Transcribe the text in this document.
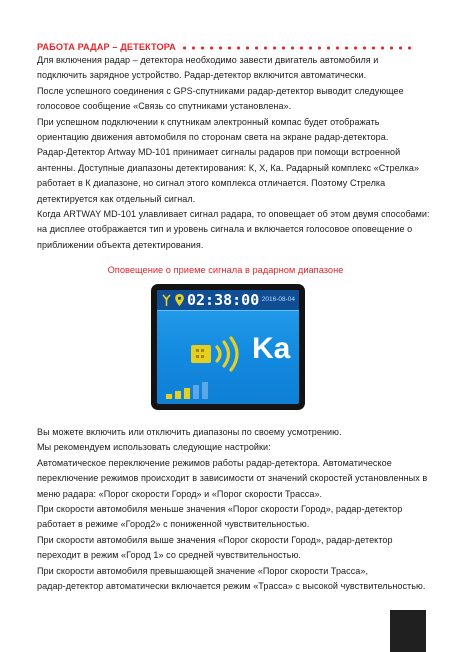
РАБОТА РАДАР – ДЕТЕКТОРА

Для включения радар – детектора необходимо завести двигатель автомобиля и
подключить зарядное устройство. Радар-детектор включится автоматически.
После успешного соединения с GPS-спутниками радар-детектор выводит следующее
голосовое сообщение «Связь со спутниками установлена».
При успешном подключении к спутникам электронный компас будет отображать
ориентацию движения автомобиля по сторонам света на экране радар-детектора.
Радар-Детектор Artway MD-101 принимает сигналы радаров при помощи встроенной
антенны. Доступные диапазоны детектирования: К, Х, Ка. Радарный комплекс «Стрелка»
работает в К диапазоне, но сигнал этого комплекса отличается. Поэтому Стрелка
детектируется как отдельный сигнал.
Когда ARTWAY MD-101 улавливает сигнал радара, то оповещает об этом двумя способами:
на дисплее отображается тип и уровень сигнала и включается голосовое оповещение о
приближении объекта детектирования.

Оповещение о приеме сигнала в радарном диапазоне
02:38:00 2016-08-04
Ka

Вы можете включить или отключить диапазоны по своему усмотрению.
Мы рекомендуем использовать следующие настройки:
Автоматическое переключение режимов работы радар-детектора. Автоматическое
переключение режимов происходит в зависимости от значений скоростей установленных в
меню радара: «Порог скорости Город» и «Порог скорости Трасса».
При скорости автомобиля меньше значения «Порог скорости Город», радар-детектор
работает в режиме «Город2» с пониженной чувствительностью.
При скорости автомобиля выше значения «Порог скорости Город», радар-детектор
переходит в режим «Город 1» со средней чувствительностью.
При скорости автомобиля превышающей значение «Порог скорости Трасса»,
радар-детектор автоматически включается режим «Трасса» с высокой чувствительностью.
